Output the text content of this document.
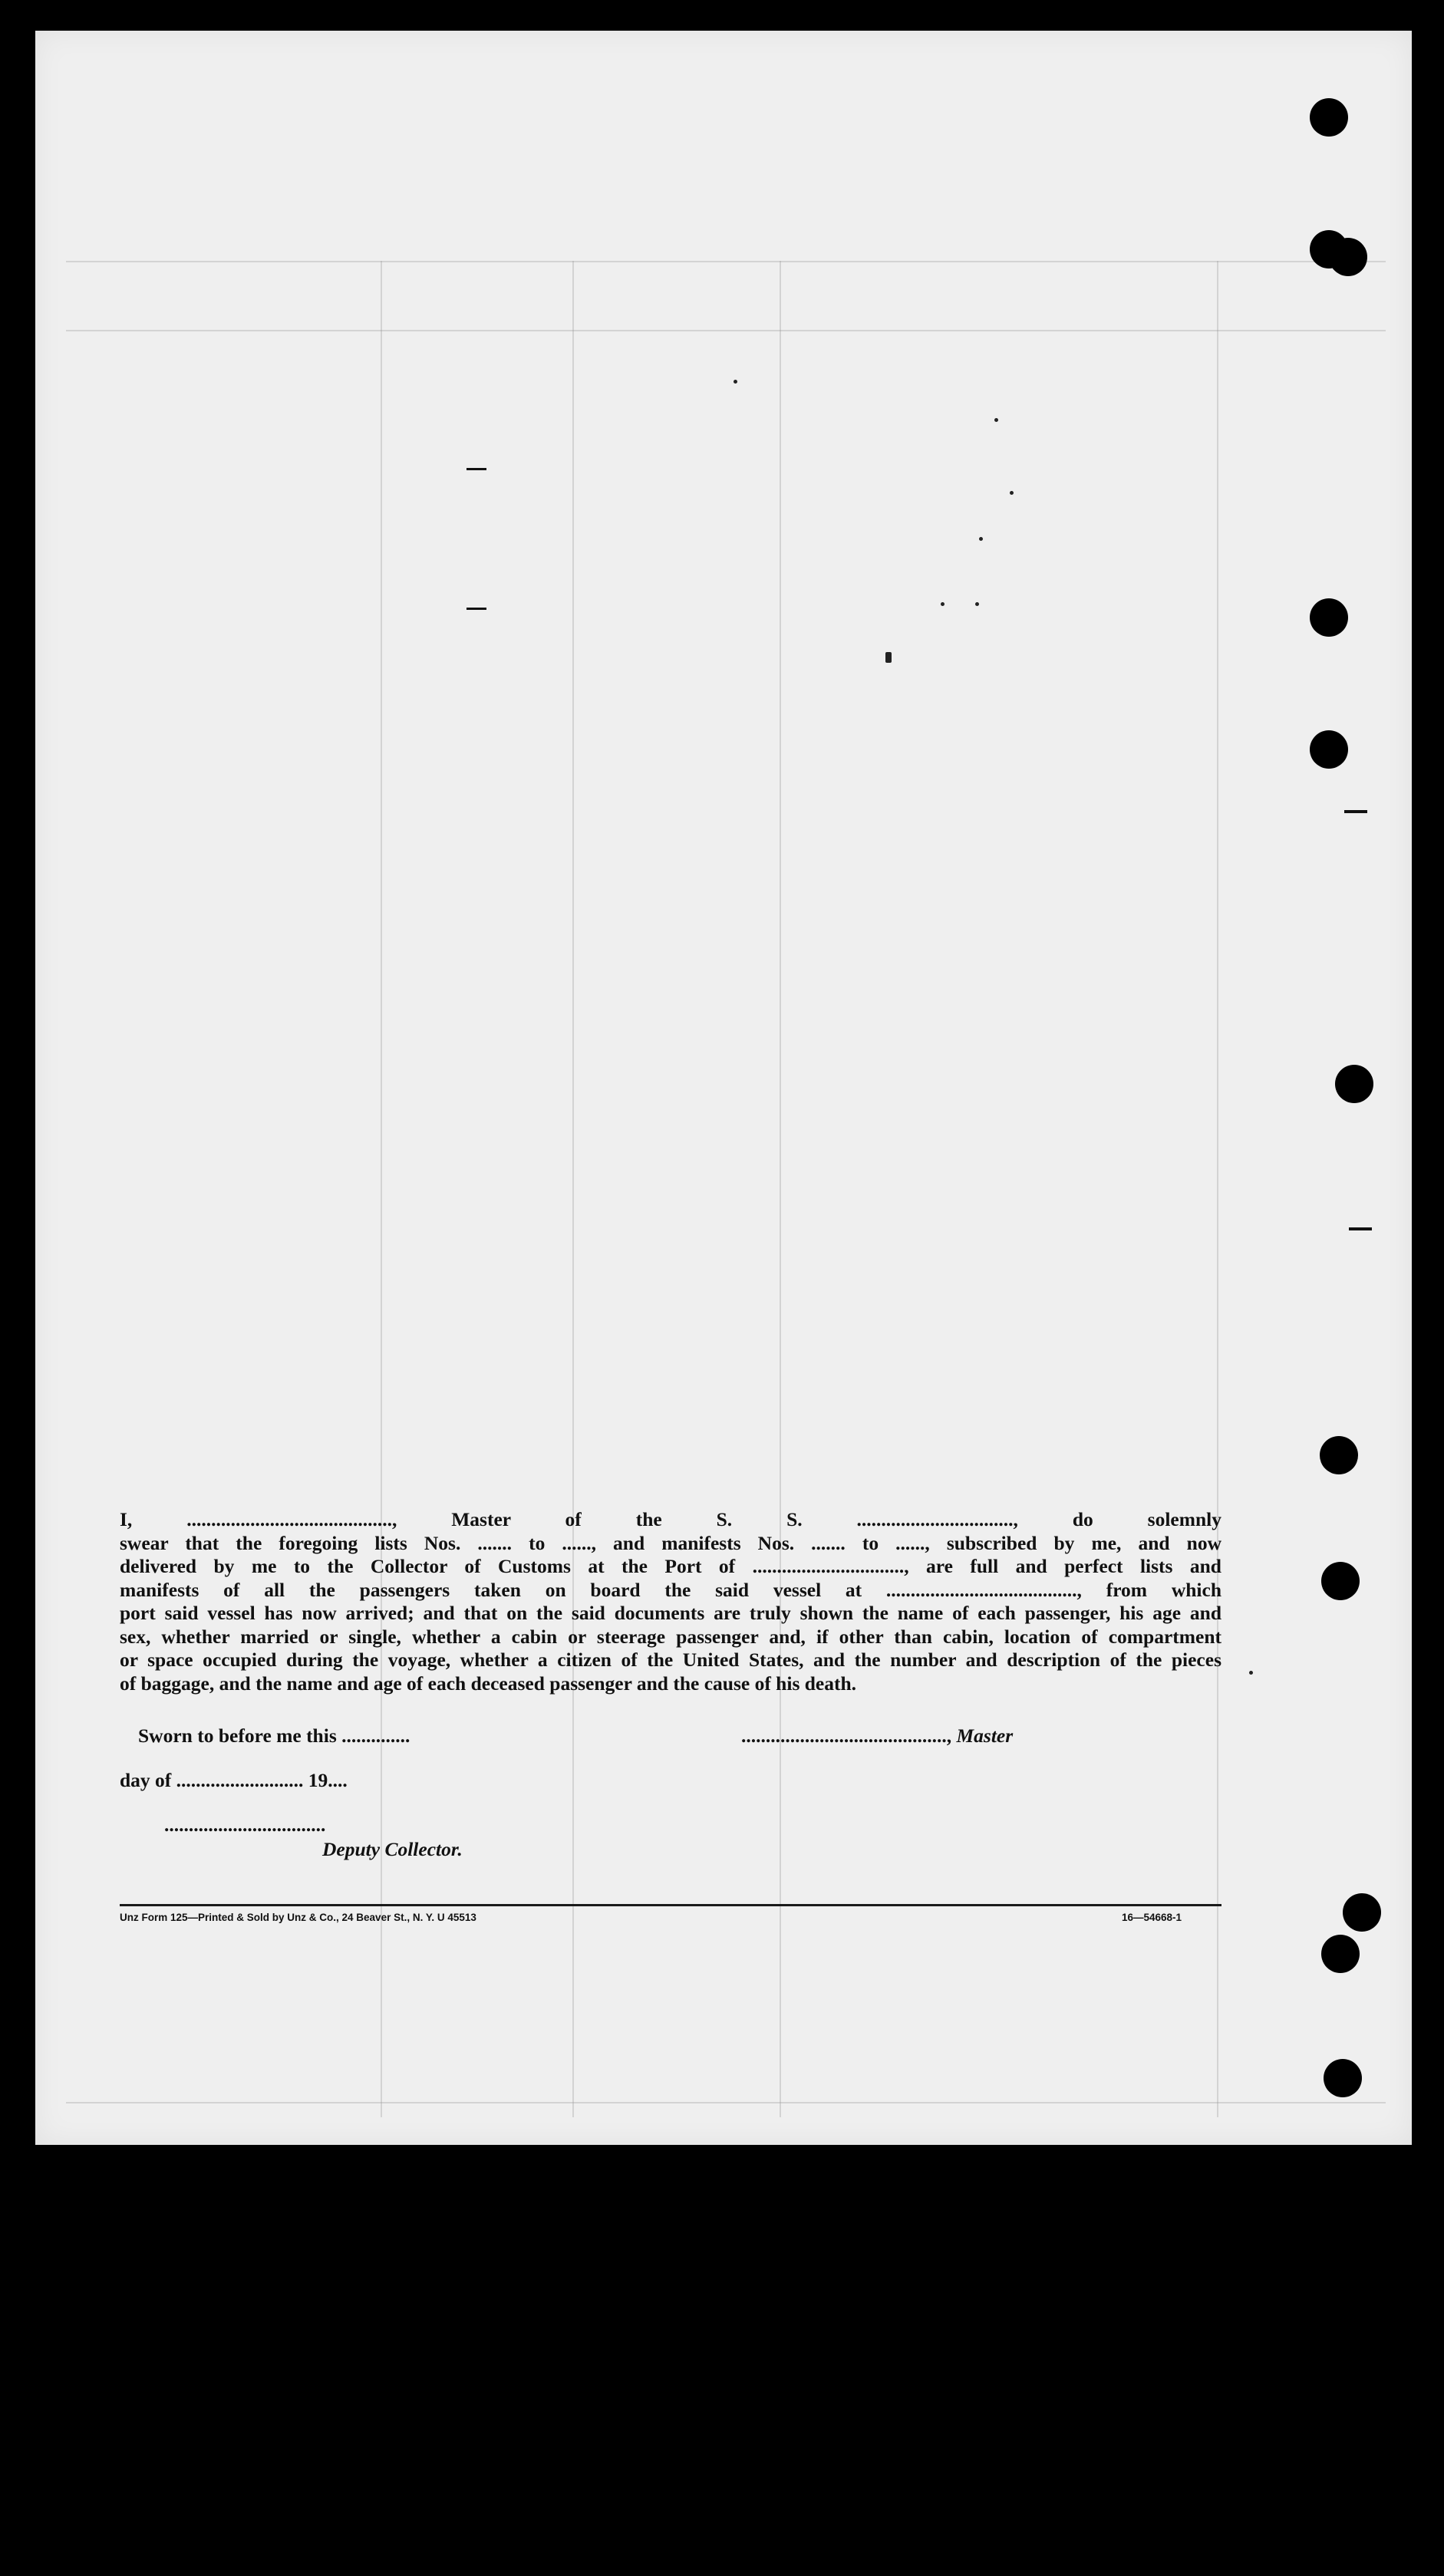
I, .........................................., Master of the S. S. ................................, do solemnly
swear that the foregoing lists Nos. ....... to ......, and manifests Nos. ....... to ......, subscribed by me, and now
delivered by me to the Collector of Customs at the Port of ..............................., are full and perfect lists and
manifests of all the passengers taken on board the said vessel at ......................................., from which
port said vessel has now arrived; and that on the said documents are truly shown the name of each passenger, his age and
sex, whether married or single, whether a cabin or steerage passenger and, if other than cabin, location of compartment
or space occupied during the voyage, whether a citizen of the United States, and the number and description of the pieces
of baggage, and the name and age of each deceased passenger and the cause of his death.
Sworn to before me this ..............	.........................................., Master
day of .......................... 19....
.................................
Deputy Collector.
Unz Form 125—Printed & Sold by Unz & Co., 24 Beaver St., N. Y. U 45513	16—54668-1
